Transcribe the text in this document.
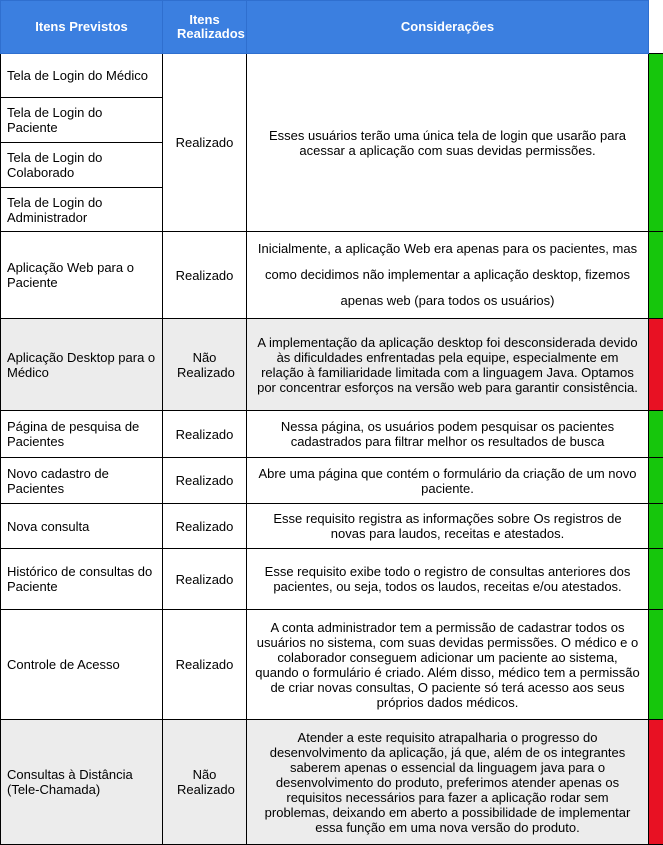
Itens Previstos	Itens Realizados	Considerações	
Tela de Login do Médico	Realizado	Esses usuários terão uma única tela de login que usarão para acessar a aplicação com suas devidas permissões.	
Tela de Login do Paciente			
Tela de Login do Colaborado			
Tela de Login do Administrador			
Aplicação Web para o Paciente	Realizado	Inicialmente, a aplicação Web era apenas para os pacientes, mas como decidimos não implementar a aplicação desktop, fizemos apenas web (para todos os usuários)	
Aplicação Desktop para o Médico	Não Realizado	A implementação da aplicação desktop foi desconsiderada devido às dificuldades enfrentadas pela equipe, especialmente em relação à familiaridade limitada com a linguagem Java. Optamos por concentrar esforços na versão web para garantir consistência.	
Página de pesquisa de Pacientes	Realizado	Nessa página, os usuários podem pesquisar os pacientes cadastrados para filtrar melhor os resultados de busca	
Novo cadastro de Pacientes	Realizado	Abre uma página que contém o formulário da criação de um novo paciente.	
Nova consulta	Realizado	Esse requisito registra as informações sobre Os registros de novas para laudos, receitas e atestados.	
Histórico de consultas do Paciente	Realizado	Esse requisito exibe todo o registro de consultas anteriores dos pacientes, ou seja, todos os laudos, receitas e/ou atestados.	
Controle de Acesso	Realizado	A conta administrador tem a permissão de cadastrar todos os usuários no sistema, com suas devidas permissões. O médico e o colaborador conseguem adicionar um paciente ao sistema, quando o formulário é criado. Além disso, médico tem a permissão de criar novas consultas, O paciente só terá acesso aos seus próprios dados médicos.	
Consultas à Distância (Tele-Chamada)	Não Realizado	Atender a este requisito atrapalharia o progresso do desenvolvimento da aplicação, já que, além de os integrantes saberem apenas o essencial da linguagem java para o desenvolvimento do produto, preferimos atender apenas os requisitos necessários para fazer a aplicação rodar sem problemas, deixando em aberto a possibilidade de implementar essa função em uma nova versão do produto.	
